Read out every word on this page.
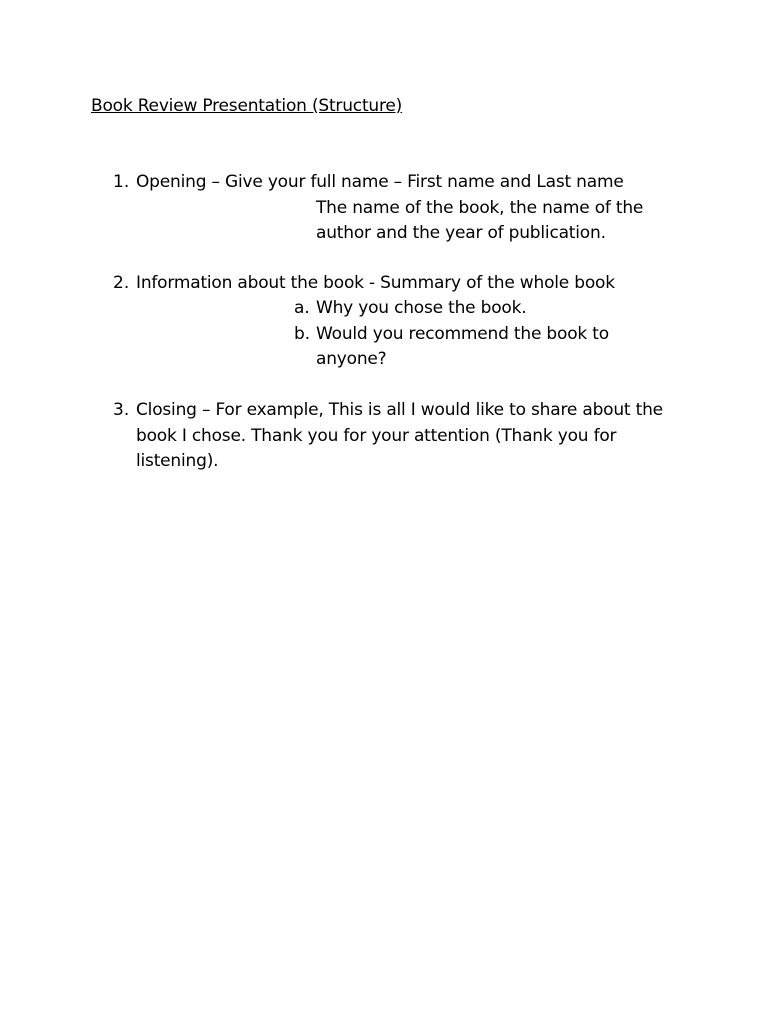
Book Review Presentation (Structure)
1. Opening – Give your full name – First name and Last name
The name of the book, the name of the
author and the year of publication.
2. Information about the book - Summary of the whole book
a. Why you chose the book.
b. Would you recommend the book to
anyone?
3. Closing – For example, This is all I would like to share about the
book I chose. Thank you for your attention (Thank you for
listening).
